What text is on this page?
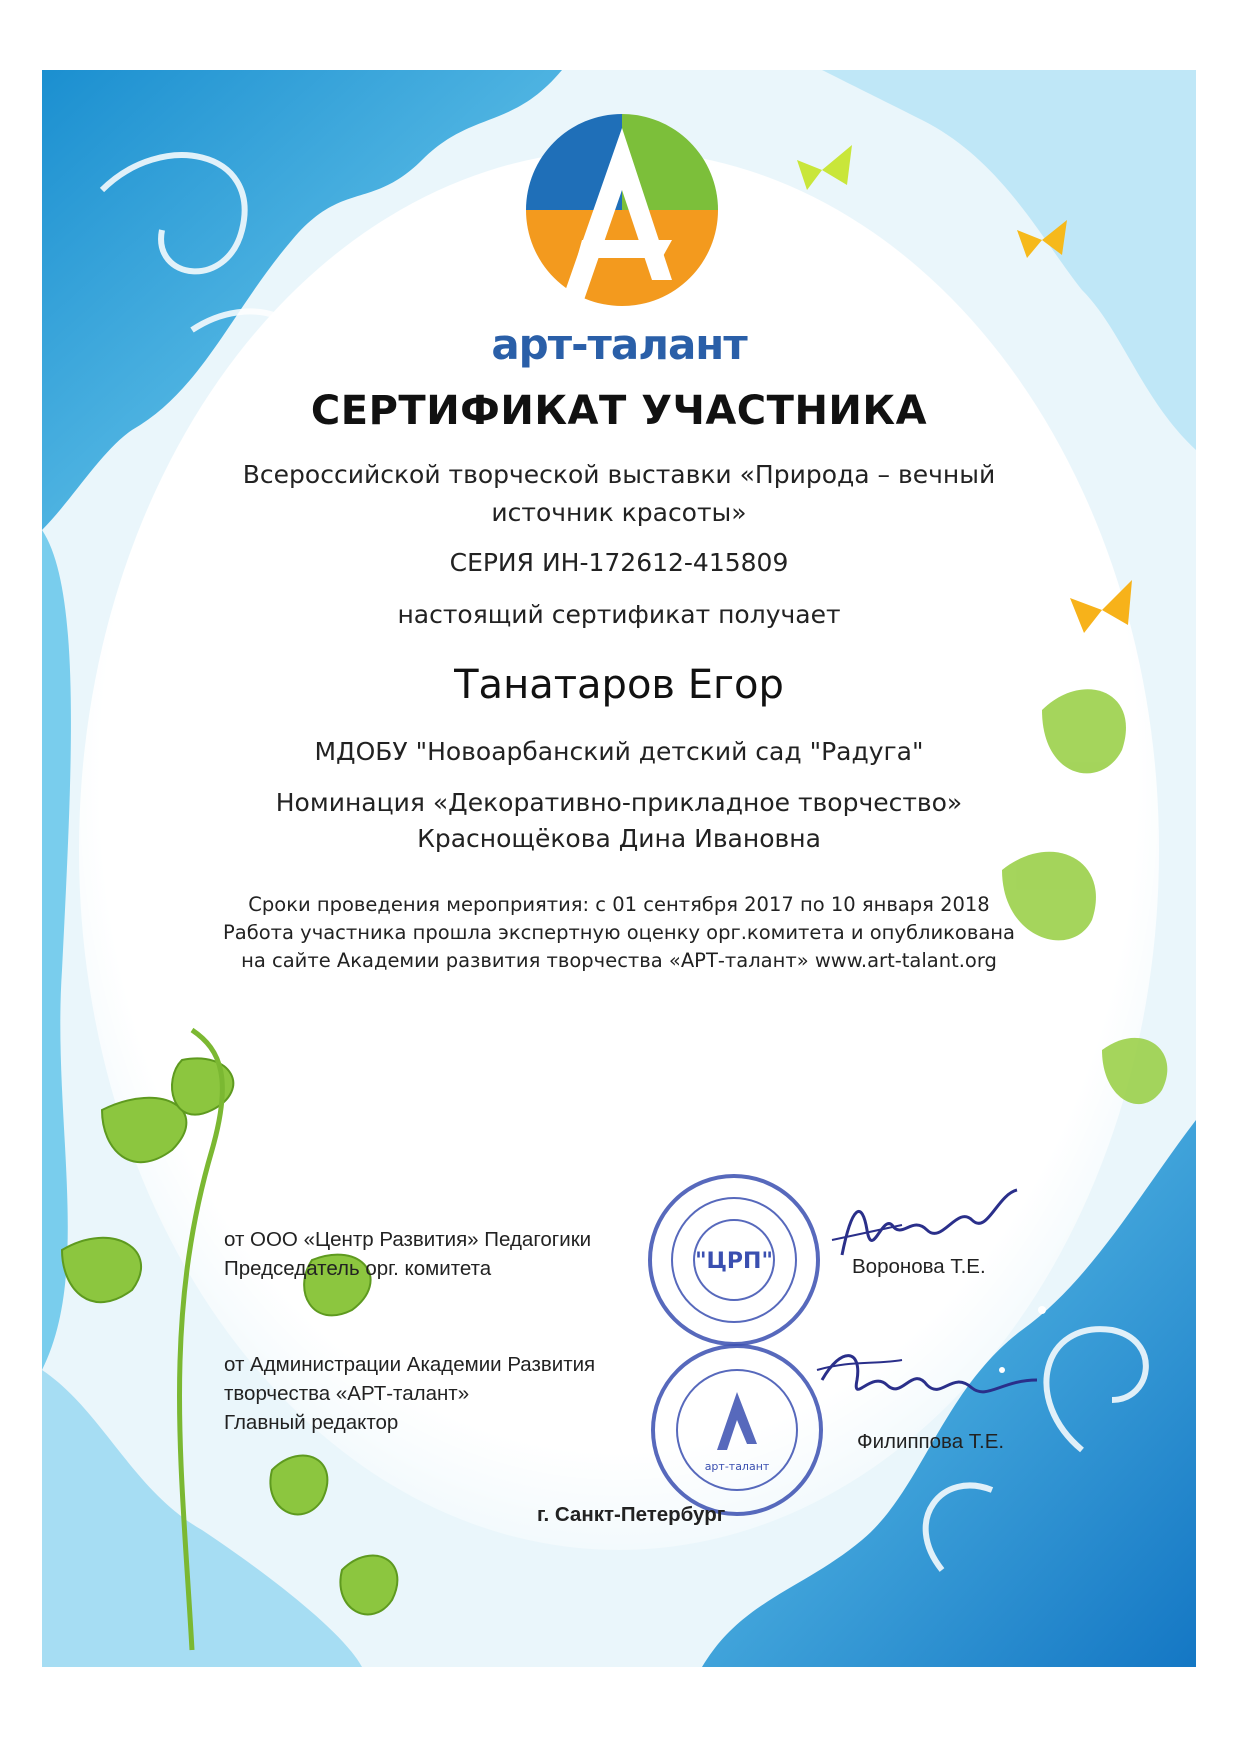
арт-талант
СЕРТИФИКАТ УЧАСТНИКА
Всероссийской творческой выставки «Природа – вечный источник красоты»
СЕРИЯ ИН-172612-415809
настоящий сертификат получает
Танатаров Егор
МДОБУ "Новоарбанский детский сад "Радуга"
Номинация «Декоративно-прикладное творчество»
Краснощёкова Дина Ивановна
Сроки проведения мероприятия: с 01 сентября 2017 по 10 января 2018
Работа участника прошла экспертную оценку орг.комитета и опубликована
на сайте Академии развития творчества «АРТ-талант» www.art-talant.org
"ЦРП"
арт-талант
от ООО «Центр Развития» Педагогики
Председатель орг. комитета	Воронова Т.Е.
от Администрации Академии Развития
творчества «АРТ-талант»
Главный редактор
Филиппова Т.Е.
г. Санкт-Петербург
